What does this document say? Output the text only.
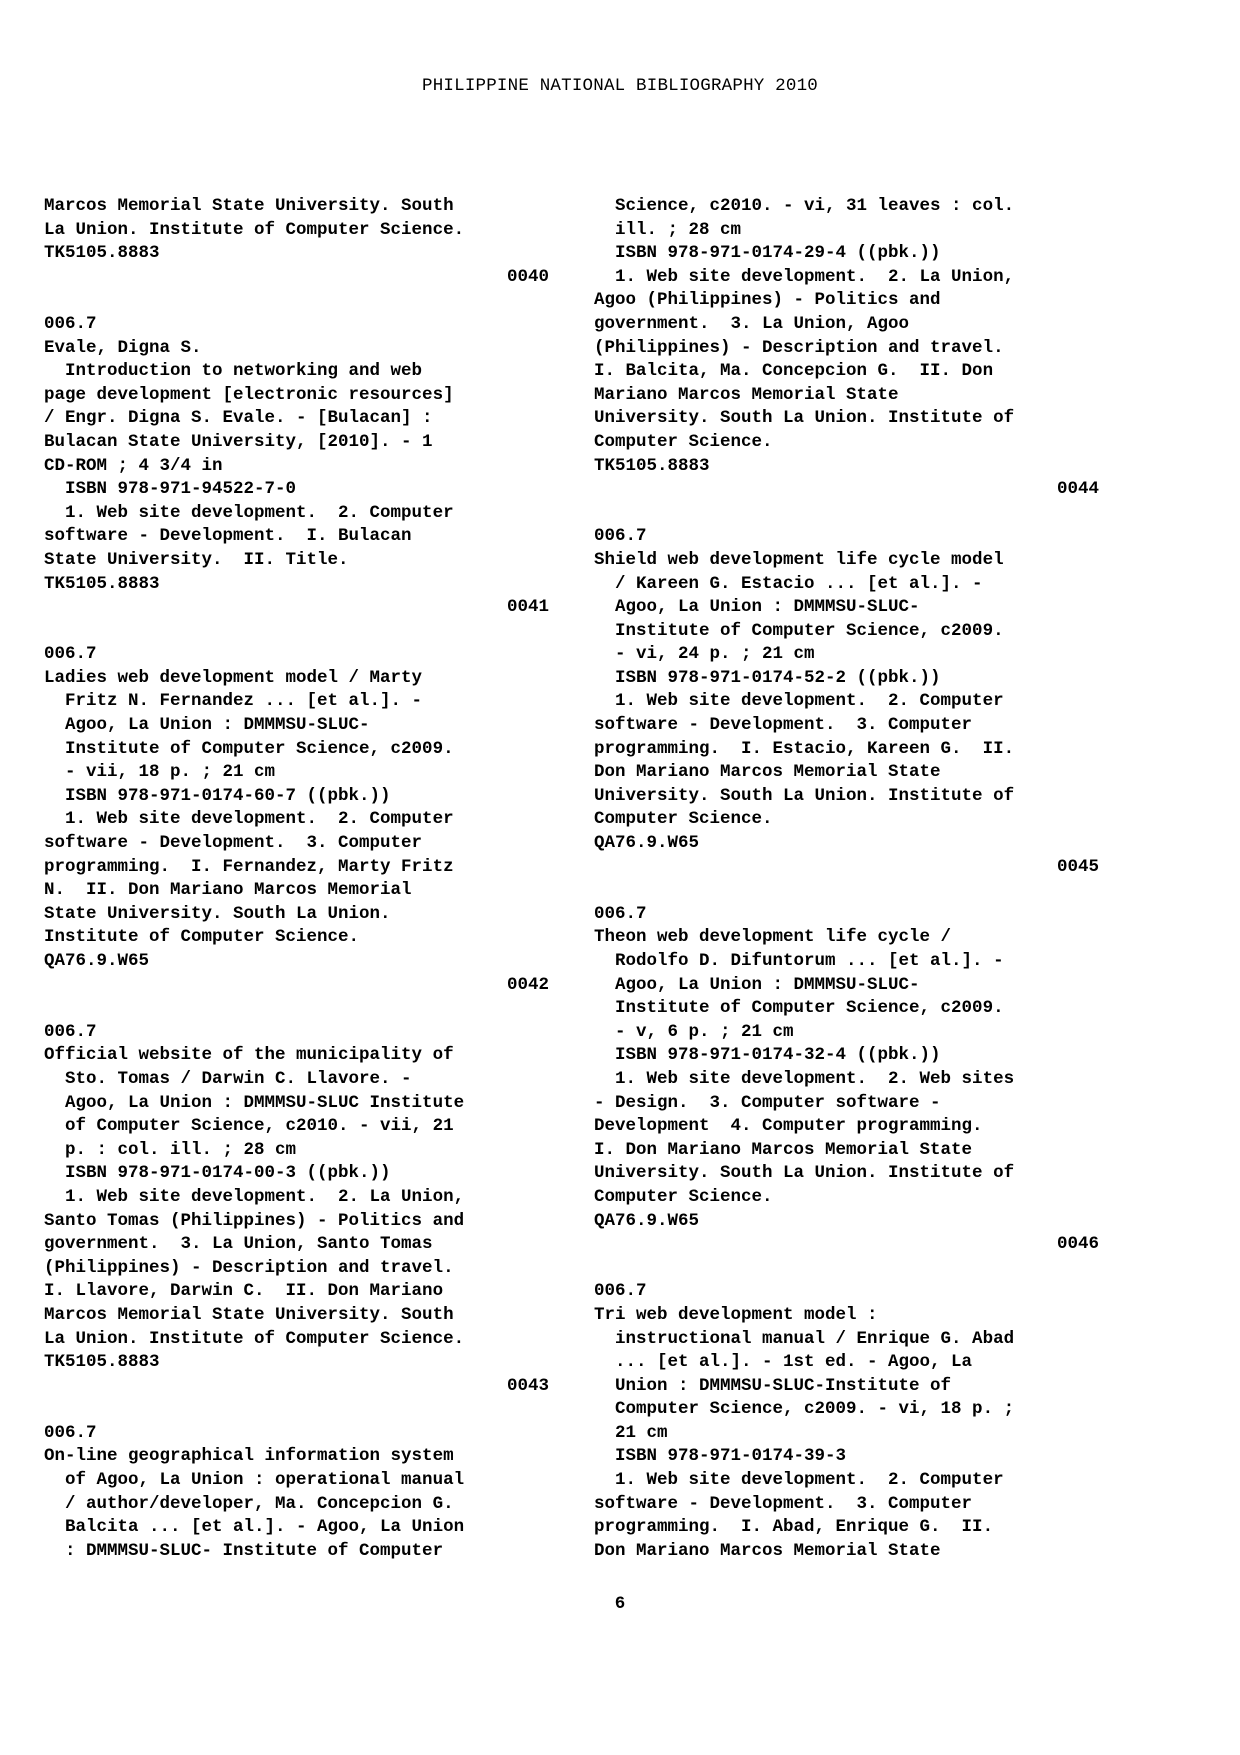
PHILIPPINE NATIONAL BIBLIOGRAPHY 2010
Marcos Memorial State University. South
La Union. Institute of Computer Science.
TK5105.8883
0040
006.7
Evale, Digna S.
Introduction to networking and web
page development [electronic resources]
/ Engr. Digna S. Evale. - [Bulacan] :
Bulacan State University, [2010]. - 1
CD-ROM ; 4 3/4 in
ISBN 978-971-94522-7-0
1. Web site development.  2. Computer
software - Development.  I. Bulacan
State University.  II. Title.
TK5105.8883
0041
006.7
Ladies web development model / Marty
Fritz N. Fernandez ... [et al.]. -
Agoo, La Union : DMMMSU-SLUC-
Institute of Computer Science, c2009.
- vii, 18 p. ; 21 cm
ISBN 978-971-0174-60-7 ((pbk.))
1. Web site development.  2. Computer
software - Development.  3. Computer
programming.  I. Fernandez, Marty Fritz
N.  II. Don Mariano Marcos Memorial
State University. South La Union.
Institute of Computer Science.
QA76.9.W65
0042
006.7
Official website of the municipality of
Sto. Tomas / Darwin C. Llavore. -
Agoo, La Union : DMMMSU-SLUC Institute
of Computer Science, c2010. - vii, 21
p. : col. ill. ; 28 cm
ISBN 978-971-0174-00-3 ((pbk.))
1. Web site development.  2. La Union,
Santo Tomas (Philippines) - Politics and
government.  3. La Union, Santo Tomas
(Philippines) - Description and travel.
I. Llavore, Darwin C.  II. Don Mariano
Marcos Memorial State University. South
La Union. Institute of Computer Science.
TK5105.8883
0043
006.7
On-line geographical information system
of Agoo, La Union : operational manual
/ author/developer, Ma. Concepcion G.
Balcita ... [et al.]. - Agoo, La Union
: DMMMSU-SLUC- Institute of Computer
Science, c2010. - vi, 31 leaves : col.
ill. ; 28 cm
ISBN 978-971-0174-29-4 ((pbk.))
1. Web site development.  2. La Union,
Agoo (Philippines) - Politics and
government.  3. La Union, Agoo
(Philippines) - Description and travel.
I. Balcita, Ma. Concepcion G.  II. Don
Mariano Marcos Memorial State
University. South La Union. Institute of
Computer Science.
TK5105.8883
0044
006.7
Shield web development life cycle model
/ Kareen G. Estacio ... [et al.]. -
Agoo, La Union : DMMMSU-SLUC-
Institute of Computer Science, c2009.
- vi, 24 p. ; 21 cm
ISBN 978-971-0174-52-2 ((pbk.))
1. Web site development.  2. Computer
software - Development.  3. Computer
programming.  I. Estacio, Kareen G.  II.
Don Mariano Marcos Memorial State
University. South La Union. Institute of
Computer Science.
QA76.9.W65
0045
006.7
Theon web development life cycle /
Rodolfo D. Difuntorum ... [et al.]. -
Agoo, La Union : DMMMSU-SLUC-
Institute of Computer Science, c2009.
- v, 6 p. ; 21 cm
ISBN 978-971-0174-32-4 ((pbk.))
1. Web site development.  2. Web sites
- Design.  3. Computer software -
Development  4. Computer programming.
I. Don Mariano Marcos Memorial State
University. South La Union. Institute of
Computer Science.
QA76.9.W65
0046
006.7
Tri web development model :
instructional manual / Enrique G. Abad
... [et al.]. - 1st ed. - Agoo, La
Union : DMMMSU-SLUC-Institute of
Computer Science, c2009. - vi, 18 p. ;
21 cm
ISBN 978-971-0174-39-3
1. Web site development.  2. Computer
software - Development.  3. Computer
programming.  I. Abad, Enrique G.  II.
Don Mariano Marcos Memorial State
6
